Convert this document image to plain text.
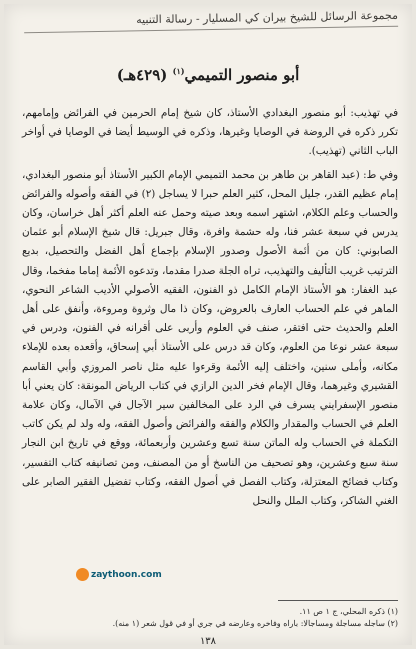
مجموعة الرسائل للشيخ بيران كي المسليار - رسالة التنبيه
أبو منصور التميمي$^{(١)}$ (٤٢٩هـ)

في تهذيب: أبو منصور البغدادي الأستاذ، كان شيخ إمام الحرمين في الفرائض وإمامهم، تكرر ذكره في الروضة في الوصايا وغيرها، وذكره في الوسيط أيضا في الوصايا في أواخر الباب الثاني (تهذيب).

وفي ط: (عبد القاهر بن طاهر بن محمد التميمي الإمام الكبير الأستاذ أبو منصور البغدادي، إمام عظيم القدر، جليل المحل، كثير العلم حبرا لا يساجل (٢) في الفقه وأصوله والفرائض والحساب وعلم الكلام، اشتهر اسمه وبعد صيته وحمل عنه العلم أكثر أهل خراسان، وكان يدرس في سبعة عشر فنا، وله حشمة وافرة، وقال جبريل: قال شيخ الإسلام أبو عثمان الصابوني: كان من أئمة الأصول وصدور الإسلام بإجماع أهل الفضل والتحصيل، بديع الترتيب غريب التأليف والتهذيب، تراه الجلة صدرا مقدما، وتدعوه الأئمة إماما مفخما، وقال عبد الغفار: هو الأستاذ الإمام الكامل ذو الفنون، الفقيه الأصولي الأديب الشاعر النحوي، الماهر في علم الحساب العارف بالعروض، وكان ذا مال وثروة ومروءة، وأنفق على أهل العلم والحديث حتى افتقر، صنف في العلوم وأربى على أقرانه في الفنون، ودرس في سبعة عشر نوعا من العلوم، وكان قد درس على الأستاذ أبي إسحاق، وأقعده بعده للإملاء مكانه، وأملى سنين، واختلف إليه الأئمة وقرءوا عليه مثل ناصر المروزي وأبي القاسم القشيري وغيرهما، وقال الإمام فخر الدين الرازي في كتاب الرياض المونقة: كان يعني أبا منصور الإسفرايني يسرف في الرد على المخالفين سير الآجال في الآمال، وكان علامة العلم في الحساب والمقدار والكلام والفقه والفرائض وأصول الفقه، وله ولد لم يكن كاتب التكملة في الحساب وله الماتن سنة تسع وعشرين وأربعمائة، ووقع في تاريخ ابن النجار سنة سبع وعشرين، وهو تصحيف من الناسخ أو من المصنف، ومن تصانيفه كتاب التفسير، وكتاب فضائح المعتزلة، وكتاب الفصل في أصول الفقه، وكتاب تفضيل الفقير الصابر على الغني الشاكر، وكتاب الملل والنحل

zaythoon.com
(١) ذكره المحلي، ج ١ ص ١١.
(٢) ساجله مساجلة ومساجالا: باراه وفاخره وعارضه في جري أو في قول شعر (١ منه).
١٣٨
